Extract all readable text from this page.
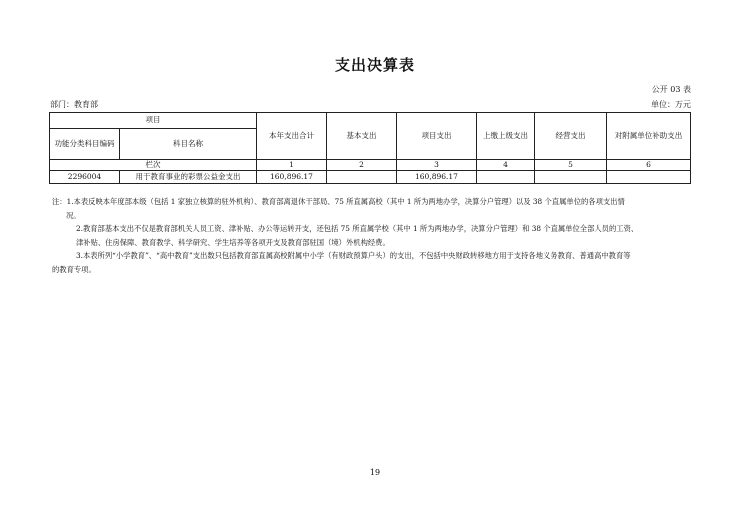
支出决算表
公开 03 表
部门：教育部	单位：万元
项目		本年支出合计	基本支出	项目支出	上缴上级支出	经营支出	对附属单位补助支出
功能分类科目编码	科目名称						
栏次		1	2	3	4	5	6
2296004	用于教育事业的彩票公益金支出	160,896.17		160,896.17			

注：1.本表反映本年度部本级（包括 1 家独立核算的驻外机构）、教育部离退休干部局、75 所直属高校（其中 1 所为两地办学，决算分户管理）以及 38 个直属单位的各项支出情

况。

2.教育部基本支出不仅是教育部机关人员工资、津补贴、办公等运转开支，还包括 75 所直属学校（其中 1 所为两地办学，决算分户管理）和 38 个直属单位全部人员的工资、

津补贴、住房保障、教育教学、科学研究、学生培养等各项开支及教育部驻国（境）外机构经费。

3.本表所列“小学教育”、“高中教育”支出数只包括教育部直属高校附属中小学（有财政预算户头）的支出，不包括中央财政转移地方用于支持各地义务教育、普通高中教育等

的教育专项。

19
